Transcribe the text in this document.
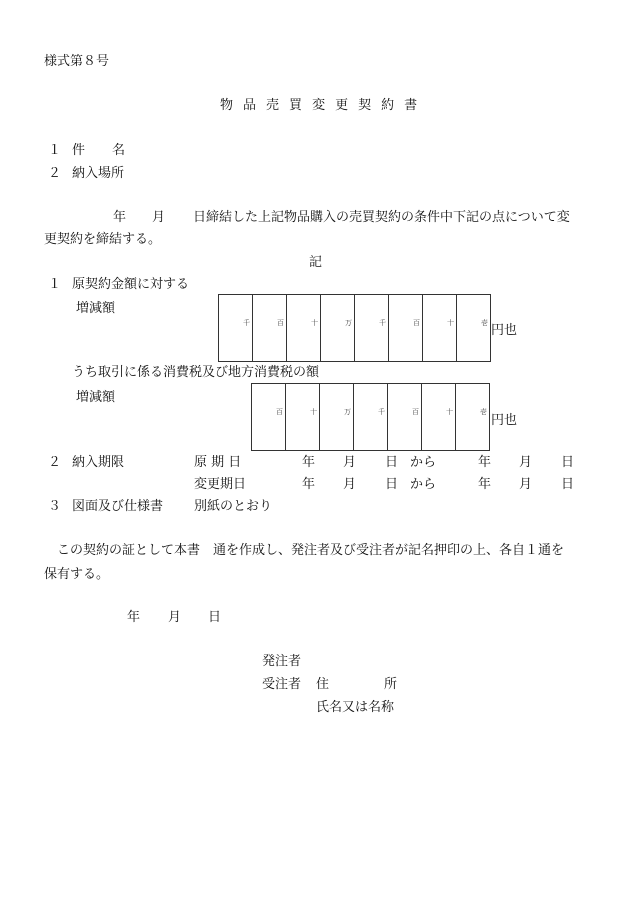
様式第８号
物 品 売 買 変 更 契 約 書
１ 件 名
２ 納入場所
年 月 日締結した上記物品購入の売買契約の条件中下記の点について変
更契約を締結する。
記
１ 原契約金額に対する
増減額
千	百	十	万	千	百	十	壱 円也
うち取引に係る消費税及び地方消費税の額
増減額
百	十	万	千	百	十	壱
円也
２ 納入期限	原 期 日	年 月 日 から	年 月 日
変更期日	年 月 日 から	年 月 日
３ 図面及び仕様書 別紙のとおり
この契約の証として本書　通を作成し、発注者及び受注者が記名押印の上、各自１通を
保有する。
年 月 日
発注者
受注者 住	所
氏名又は名称
